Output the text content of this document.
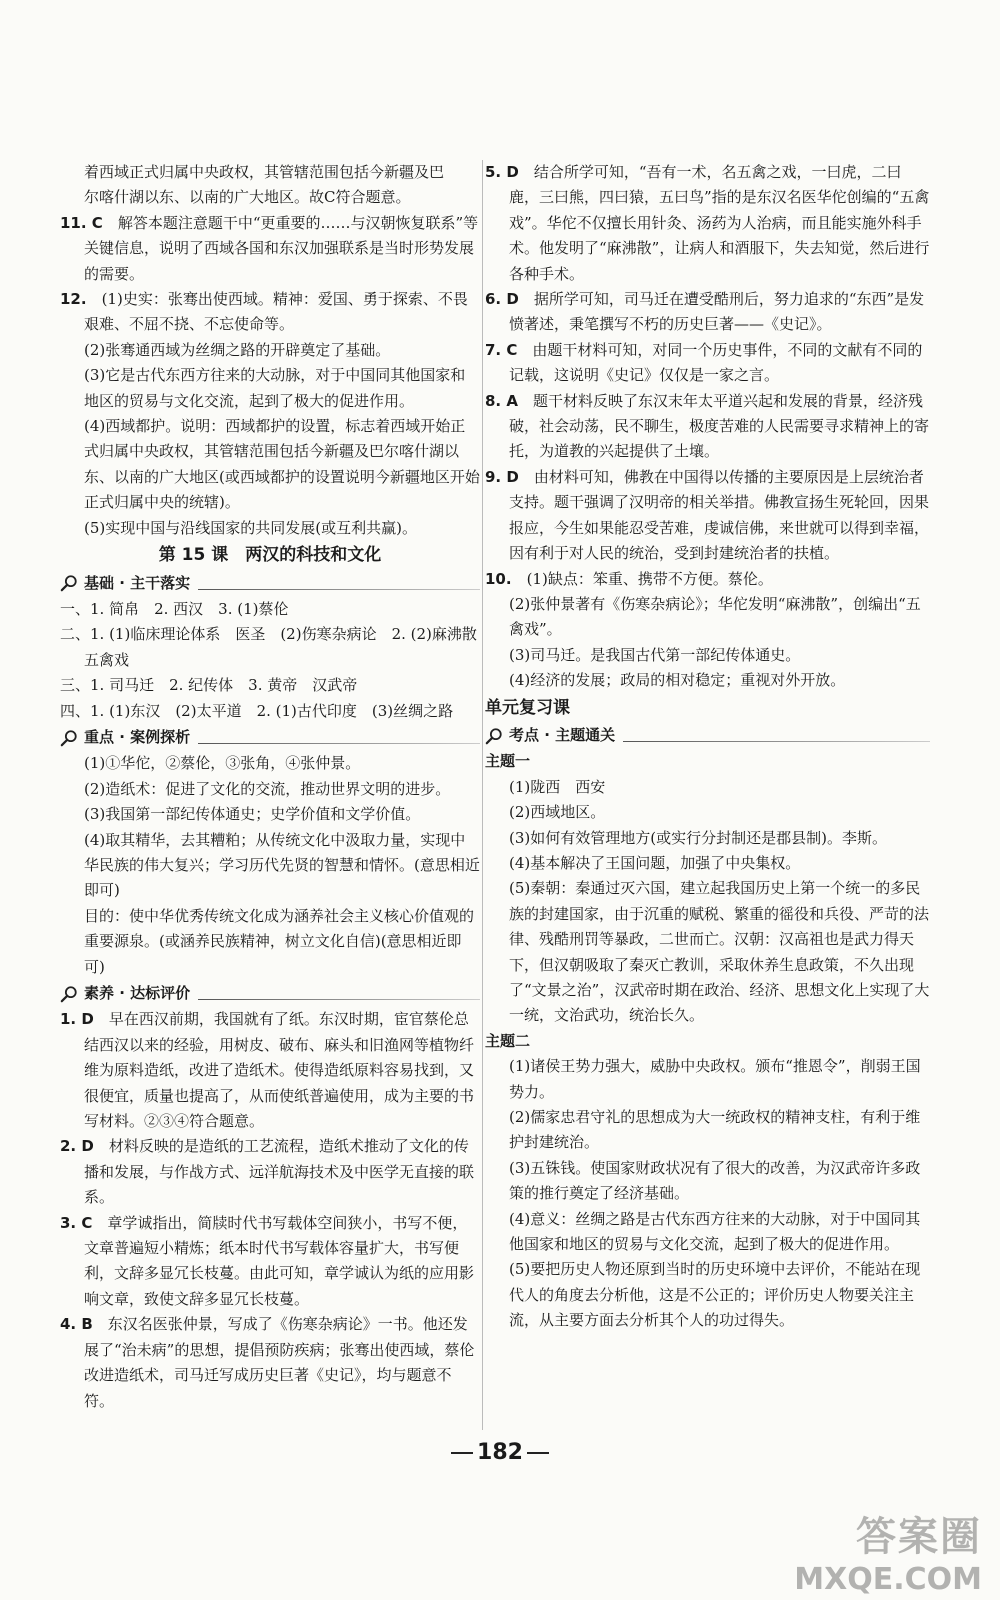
着西域正式归属中央政权，其管辖范围包括今新疆及巴
尔喀什湖以东、以南的广大地区。故C符合题意。
11. C  解答本题注意题干中“更重要的……与汉朝恢复联系”等关键信息，说明了西域各国和东汉加强联系是当时形势发展的需要。
12.  (1)史实：张骞出使西域。精神：爱国、勇于探索、不畏艰难、不屈不挠、不忘使命等。
(2)张骞通西域为丝绸之路的开辟奠定了基础。
(3)它是古代东西方往来的大动脉，对于中国同其他国家和地区的贸易与文化交流，起到了极大的促进作用。
(4)西域都护。说明：西域都护的设置，标志着西域开始正式归属中央政权，其管辖范围包括今新疆及巴尔喀什湖以东、以南的广大地区(或西域都护的设置说明今新疆地区开始正式归属中央的统辖)。
(5)实现中国与沿线国家的共同发展(或互利共赢)。
第 15 课　两汉的科技和文化
基础 · 主干落实
一、1. 简帛　2. 西汉　3. (1)蔡伦
二、1. (1)临床理论体系　医圣　(2)伤寒杂病论　2. (2)麻沸散　五禽戏
三、1. 司马迁　2. 纪传体　3. 黄帝　汉武帝
四、1. (1)东汉　(2)太平道　2. (1)古代印度　(3)丝绸之路
重点 · 案例探析
(1)①华佗，②蔡伦，③张角，④张仲景。
(2)造纸术：促进了文化的交流，推动世界文明的进步。
(3)我国第一部纪传体通史；史学价值和文学价值。
(4)取其精华，去其糟粕；从传统文化中汲取力量，实现中华民族的伟大复兴；学习历代先贤的智慧和情怀。(意思相近即可)
目的：使中华优秀传统文化成为涵养社会主义核心价值观的重要源泉。(或涵养民族精神，树立文化自信)(意思相近即可)
素养 · 达标评价
1. D  早在西汉前期，我国就有了纸。东汉时期，宦官蔡伦总结西汉以来的经验，用树皮、破布、麻头和旧渔网等植物纤维为原料造纸，改进了造纸术。使得造纸原料容易找到，又很便宜，质量也提高了，从而使纸普遍使用，成为主要的书写材料。②③④符合题意。
2. D  材料反映的是造纸的工艺流程，造纸术推动了文化的传播和发展，与作战方式、远洋航海技术及中医学无直接的联系。
3. C  章学诚指出，简牍时代书写载体空间狭小，书写不便，文章普遍短小精炼；纸本时代书写载体容量扩大，书写便利，文辞多显冗长枝蔓。由此可知，章学诚认为纸的应用影响文章，致使文辞多显冗长枝蔓。
4. B  东汉名医张仲景，写成了《伤寒杂病论》一书。他还发展了“治未病”的思想，提倡预防疾病；张骞出使西域，蔡伦改进造纸术，司马迁写成历史巨著《史记》，均与题意不符。
5. D  结合所学可知，“吾有一术，名五禽之戏，一曰虎，二曰鹿，三曰熊，四曰猿，五曰鸟”指的是东汉名医华佗创编的“五禽戏”。华佗不仅擅长用针灸、汤药为人治病，而且能实施外科手术。他发明了“麻沸散”，让病人和酒服下，失去知觉，然后进行各种手术。
6. D  据所学可知，司马迁在遭受酷刑后，努力追求的“东西”是发愤著述，秉笔撰写不朽的历史巨著——《史记》。
7. C  由题干材料可知，对同一个历史事件，不同的文献有不同的记载，这说明《史记》仅仅是一家之言。
8. A  题干材料反映了东汉末年太平道兴起和发展的背景，经济残破，社会动荡，民不聊生，极度苦难的人民需要寻求精神上的寄托，为道教的兴起提供了土壤。
9. D  由材料可知，佛教在中国得以传播的主要原因是上层统治者支持。题干强调了汉明帝的相关举措。佛教宣扬生死轮回，因果报应，今生如果能忍受苦难，虔诚信佛，来世就可以得到幸福，因有利于对人民的统治，受到封建统治者的扶植。
10.  (1)缺点：笨重、携带不方便。蔡伦。
(2)张仲景著有《伤寒杂病论》；华佗发明“麻沸散”，创编出“五禽戏”。
(3)司马迁。是我国古代第一部纪传体通史。
(4)经济的发展；政局的相对稳定；重视对外开放。
单元复习课
考点 · 主题通关
主题一
(1)陇西　西安
(2)西域地区。
(3)如何有效管理地方(或实行分封制还是郡县制)。李斯。
(4)基本解决了王国问题，加强了中央集权。
(5)秦朝：秦通过灭六国，建立起我国历史上第一个统一的多民族的封建国家，由于沉重的赋税、繁重的徭役和兵役、严苛的法律、残酷刑罚等暴政，二世而亡。汉朝：汉高祖也是武力得天下，但汉朝吸取了秦灭亡教训，采取休养生息政策，不久出现了“文景之治”，汉武帝时期在政治、经济、思想文化上实现了大一统，文治武功，统治长久。
主题二
(1)诸侯王势力强大，威胁中央政权。颁布“推恩令”，削弱王国势力。
(2)儒家忠君守礼的思想成为大一统政权的精神支柱，有利于维护封建统治。
(3)五铢钱。使国家财政状况有了很大的改善，为汉武帝许多政策的推行奠定了经济基础。
(4)意义：丝绸之路是古代东西方往来的大动脉，对于中国同其他国家和地区的贸易与文化交流，起到了极大的促进作用。
(5)要把历史人物还原到当时的历史环境中去评价，不能站在现代人的角度去分析他，这是不公正的；评价历史人物要关注主流，从主要方面去分析其个人的功过得失。
182
答案圈
MXQE.COM
